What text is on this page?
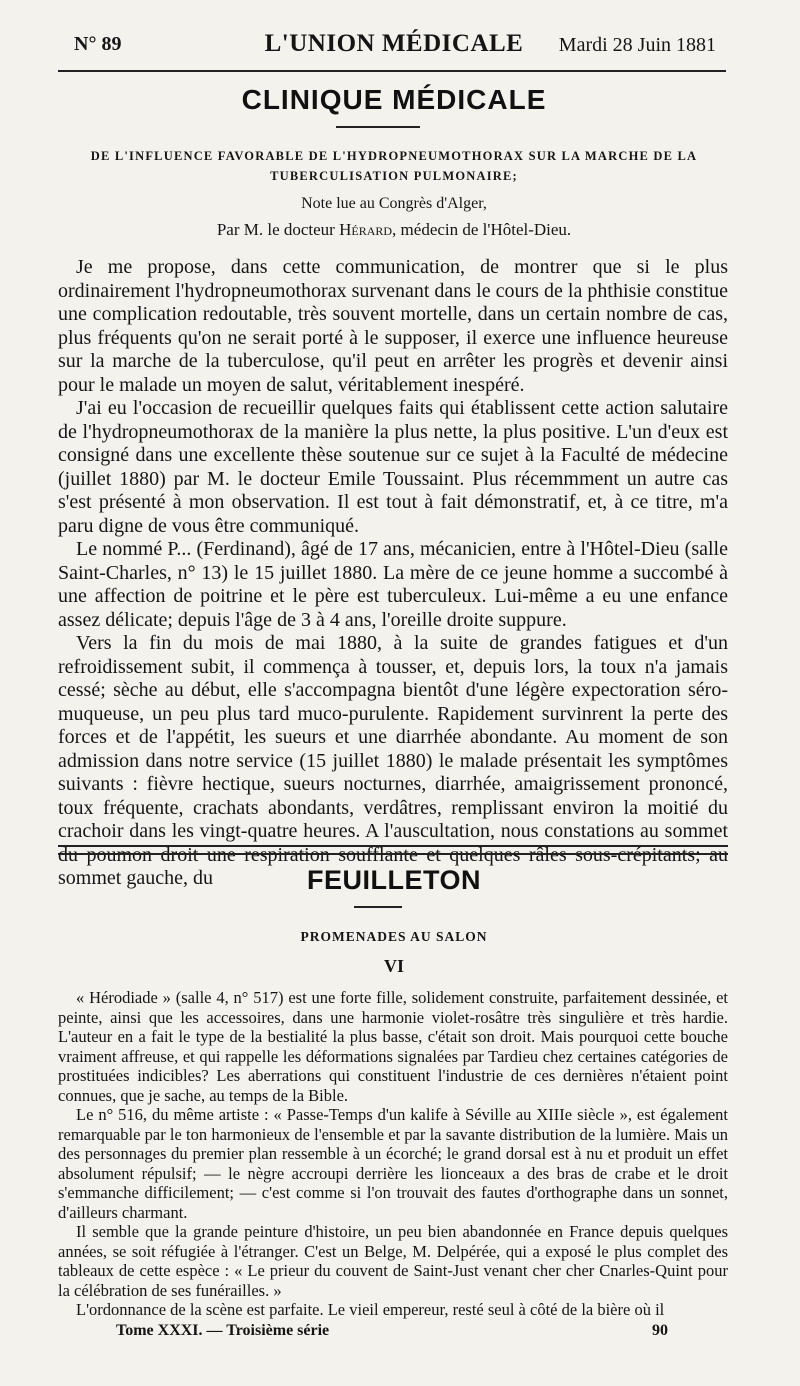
N° 89	L'UNION MÉDICALE	Mardi 28 Juin 1881
CLINIQUE MÉDICALE
DE L'INFLUENCE FAVORABLE DE L'HYDROPNEUMOTHORAX SUR LA MARCHE DE LA
TUBERCULISATION PULMONAIRE;
Note lue au Congrès d'Alger,
Par M. le docteur Hérard, médecin de l'Hôtel-Dieu.

Je me propose, dans cette communication, de montrer que si le plus ordinairement l'hydropneumothorax survenant dans le cours de la phthisie constitue une complication redoutable, très souvent mortelle, dans un certain nombre de cas, plus fréquents qu'on ne serait porté à le supposer, il exerce une influence heureuse sur la marche de la tuberculose, qu'il peut en arrêter les progrès et devenir ainsi pour le malade un moyen de salut, véritablement inespéré.

J'ai eu l'occasion de recueillir quelques faits qui établissent cette action salutaire de l'hydropneumothorax de la manière la plus nette, la plus positive. L'un d'eux est consigné dans une excellente thèse soutenue sur ce sujet à la Faculté de médecine (juillet 1880) par M. le docteur Emile Toussaint. Plus récemmment un autre cas s'est présenté à mon observation. Il est tout à fait démonstratif, et, à ce titre, m'a paru digne de vous être communiqué.

Le nommé P... (Ferdinand), âgé de 17 ans, mécanicien, entre à l'Hôtel-Dieu (salle Saint-Charles, n° 13) le 15 juillet 1880. La mère de ce jeune homme a succombé à une affection de poitrine et le père est tuberculeux. Lui-même a eu une enfance assez délicate; depuis l'âge de 3 à 4 ans, l'oreille droite suppure.

Vers la fin du mois de mai 1880, à la suite de grandes fatigues et d'un refroidissement subit, il commença à tousser, et, depuis lors, la toux n'a jamais cessé; sèche au début, elle s'accompagna bientôt d'une légère expectoration séro-muqueuse, un peu plus tard muco-purulente. Rapidement survinrent la perte des forces et de l'appétit, les sueurs et une diarrhée abondante. Au moment de son admission dans notre service (15 juillet 1880) le malade présentait les symptômes suivants : fièvre hectique, sueurs nocturnes, diarrhée, amaigrissement prononcé, toux fréquente, crachats abondants, verdâtres, remplissant environ la moitié du crachoir dans les vingt-quatre heures. A l'auscultation, nous constations au sommet du poumon droit une respiration soufflante et quelques râles sous-crépitants; au sommet gauche, du	FEUILLETON
PROMENADES AU SALON
VI

« Hérodiade » (salle 4, n° 517) est une forte fille, solidement construite, parfaitement dessinée, et peinte, ainsi que les accessoires, dans une harmonie violet-rosâtre très singulière et très hardie. L'auteur en a fait le type de la bestialité la plus basse, c'était son droit. Mais pourquoi cette bouche vraiment affreuse, et qui rappelle les déformations signalées par Tardieu chez certaines catégories de prostituées indicibles? Les aberrations qui constituent l'industrie de ces dernières n'étaient point connues, que je sache, au temps de la Bible.

Le n° 516, du même artiste : « Passe-Temps d'un kalife à Séville au XIIIe siècle », est également remarquable par le ton harmonieux de l'ensemble et par la savante distribution de la lumière. Mais un des personnages du premier plan ressemble à un écorché; le grand dorsal est à nu et produit un effet absolument répulsif; — le nègre accroupi derrière les lionceaux a des bras de crabe et le droit s'emmanche difficilement; — c'est comme si l'on trouvait des fautes d'orthographe dans un sonnet, d'ailleurs charmant.

Il semble que la grande peinture d'histoire, un peu bien abandonnée en France depuis quelques années, se soit réfugiée à l'étranger. C'est un Belge, M. Delpérée, qui a exposé le plus complet des tableaux de cette espèce : « Le prieur du couvent de Saint-Just venant cher cher Cnarles-Quint pour la célébration de ses funérailles. »

L'ordonnance de la scène est parfaite. Le vieil empereur, resté seul à côté de la bière où il

Tome XXXI. — Troisième série	90
